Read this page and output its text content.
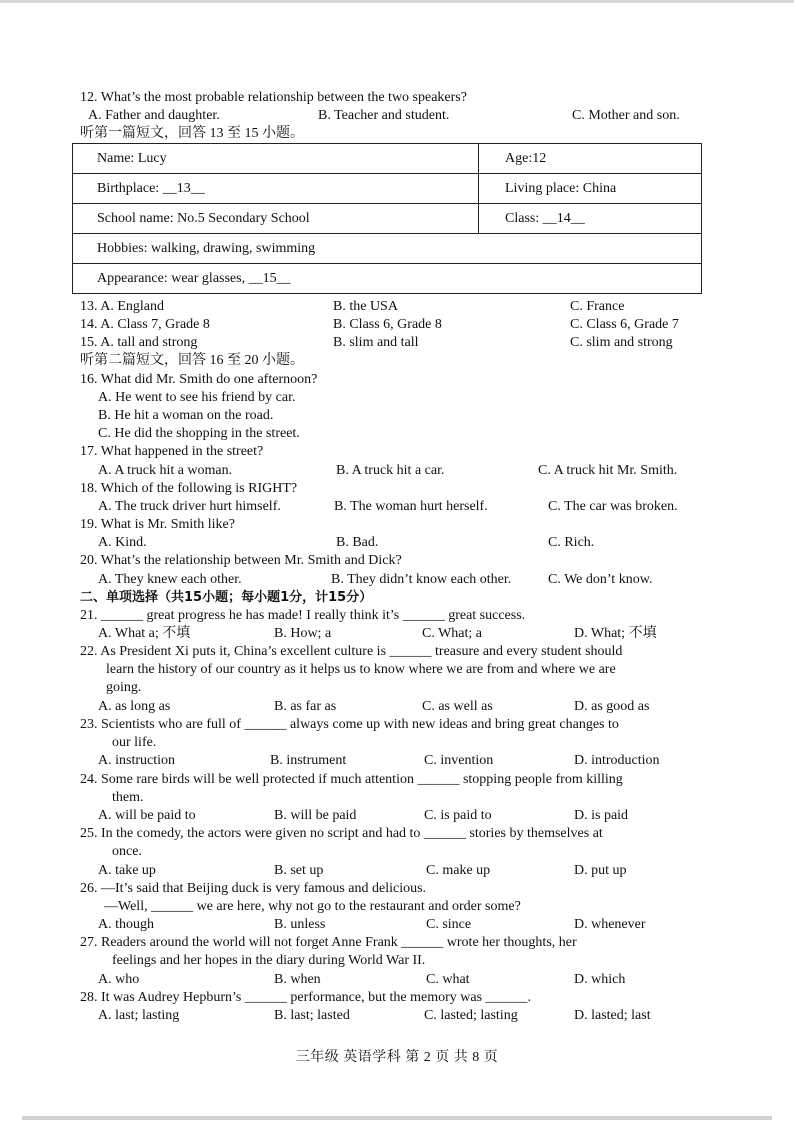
12. What’s the most probable relationship between the two speakers?
A. Father and daughter.	B. Teacher and student.	C. Mother and son.
听第一篇短文，回答 13 至 15 小题。
Name: Lucy	Age:12
Birthplace: __13__	Living place: China
School name: No.5 Secondary School	Class: __14__
Hobbies: walking, drawing, swimming	
Appearance: wear glasses, __15__	
13. A. England	B. the USA	C. France
14. A. Class 7, Grade 8	B. Class 6, Grade 8	C. Class 6, Grade 7
15. A. tall and strong	B. slim and tall	C. slim and strong
听第二篇短文，回答 16 至 20 小题。
16. What did Mr. Smith do one afternoon?
A. He went to see his friend by car.
B. He hit a woman on the road.
C. He did the shopping in the street.
17. What happened in the street?
A. A truck hit a woman.	B. A truck hit a car.	C. A truck hit Mr. Smith.
18. Which of the following is RIGHT?
A. The truck driver hurt himself.	B. The woman hurt herself.	C. The car was broken.
19. What is Mr. Smith like?
A. Kind.	B. Bad.	C. Rich.
20. What’s the relationship between Mr. Smith and Dick?
A. They knew each other.	B. They didn’t know each other.	C. We don’t know.
二、单项选择（共15小题；每小题1分，计15分）
21. ______ great progress he has made! I really think it’s ______ great success.
A. What a; 不填	B. How; a	C. What; a	D. What; 不填
22. As President Xi puts it, China’s excellent culture is ______ treasure and every student should
learn the history of our country as it helps us to know where we are from and where we are
going.
A. as long as	B. as far as	C. as well as	D. as good as
23. Scientists who are full of ______ always come up with new ideas and bring great changes to
our life.
A. instruction	B. instrument	C. invention	D. introduction
24. Some rare birds will be well protected if much attention ______ stopping people from killing
them.
A. will be paid to	B. will be paid	C. is paid to	D. is paid
25. In the comedy, the actors were given no script and had to ______ stories by themselves at
once.
A. take up	B. set up	C. make up	D. put up
26. —It’s said that Beijing duck is very famous and delicious.
—Well, ______ we are here, why not go to the restaurant and order some?
A. though	B. unless	C. since	D. whenever
27. Readers around the world will not forget Anne Frank ______ wrote her thoughts, her
feelings and her hopes in the diary during World War II.
A. who	B. when	C. what	D. which
28. It was Audrey Hepburn’s ______ performance, but the memory was ______.
A. last; lasting	B. last; lasted	C. lasted; lasting	D. lasted; last
三年级 英语学科 第 2 页 共 8 页
